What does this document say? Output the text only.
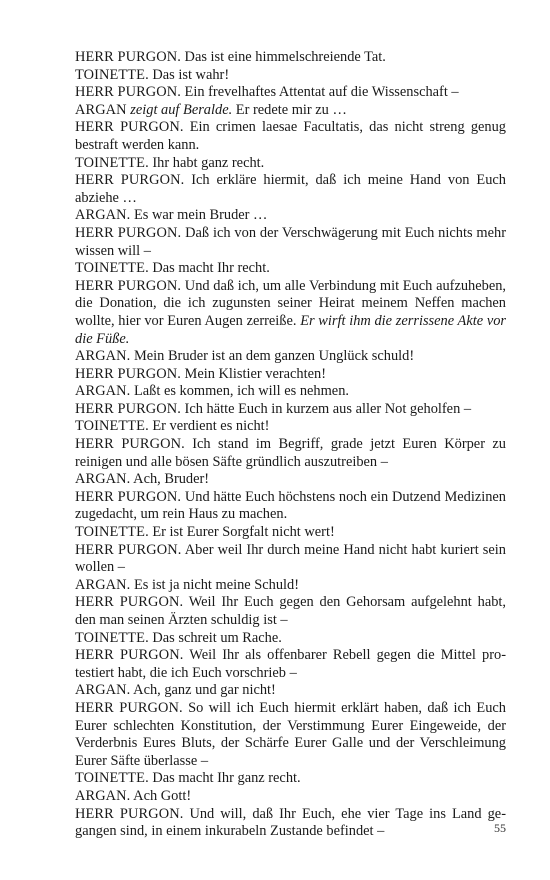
HERR PURGON. Das ist eine himmelschreiende Tat.

TOINETTE. Das ist wahr!

HERR PURGON. Ein frevelhaftes Attentat auf die Wissenschaft –

ARGAN zeigt auf Beralde. Er redete mir zu …

HERR PURGON. Ein crimen laesae Facultatis, das nicht streng genug bestraft werden kann.

TOINETTE. Ihr habt ganz recht.

HERR PURGON. Ich erkläre hiermit, daß ich meine Hand von Euch abziehe …

ARGAN. Es war mein Bruder …

HERR PURGON. Daß ich von der Verschwägerung mit Euch nichts mehr wissen will –

TOINETTE. Das macht Ihr recht.

HERR PURGON. Und daß ich, um alle Verbindung mit Euch aufzuheben, die Donation, die ich zugunsten seiner Heirat meinem Neffen machen wollte, hier vor Euren Augen zerreiße. Er wirft ihm die zerrissene Akte vor die Füße.

ARGAN. Mein Bruder ist an dem ganzen Unglück schuld!

HERR PURGON. Mein Klistier verachten!

ARGAN. Laßt es kommen, ich will es nehmen.

HERR PURGON. Ich hätte Euch in kurzem aus aller Not geholfen –

TOINETTE. Er verdient es nicht!

HERR PURGON. Ich stand im Begriff, grade jetzt Euren Körper zu reinigen und alle bösen Säfte gründlich auszutreiben –

ARGAN. Ach, Bruder!

HERR PURGON. Und hätte Euch höchstens noch ein Dutzend Medizinen zugedacht, um rein Haus zu machen.

TOINETTE. Er ist Eurer Sorgfalt nicht wert!

HERR PURGON. Aber weil Ihr durch meine Hand nicht habt kuriert sein wollen –

ARGAN. Es ist ja nicht meine Schuld!

HERR PURGON. Weil Ihr Euch gegen den Gehorsam aufgelehnt habt, den man seinen Ärzten schuldig ist –

TOINETTE. Das schreit um Rache.

HERR PURGON. Weil Ihr als offenbarer Rebell gegen die Mittel protestiert habt, die ich Euch vorschrieb –

ARGAN. Ach, ganz und gar nicht!

HERR PURGON. So will ich Euch hiermit erklärt haben, daß ich Euch Eurer schlechten Konstitution, der Verstimmung Eurer Eingeweide, der Verderbnis Eures Bluts, der Schärfe Eurer Galle und der Verschleimung Eurer Säfte überlasse –

TOINETTE. Das macht Ihr ganz recht.

ARGAN. Ach Gott!

HERR PURGON. Und will, daß Ihr Euch, ehe vier Tage ins Land gegangen sind, in einem inkurabeln Zustande befindet –	55
